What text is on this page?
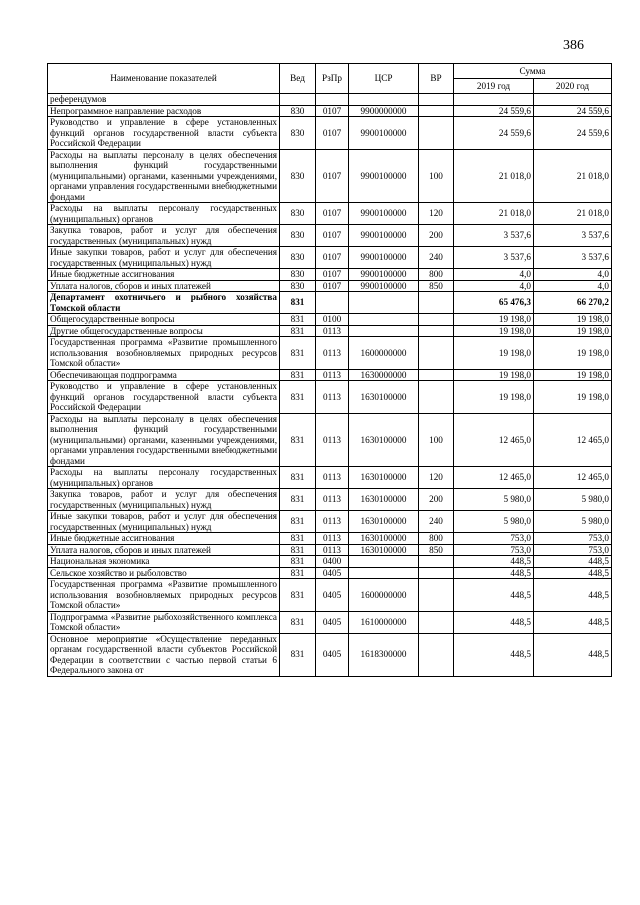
386
Наименование показателей	Вед	РзПр	ЦСР	ВР	Сумма	
					2019 год	2020 год
референдумов						
Непрограммное направление расходов	830	0107	9900000000		24 559,6	24 559,6
Руководство и управление в сфере установленных функций органов государственной власти субъекта Российской Федерации	830	0107	9900100000		24 559,6	24 559,6
Расходы на выплаты персоналу в целях обеспечения выполнения функций государственными (муниципальными) органами, казенными учреждениями, органами управления государственными внебюджетными фондами	830	0107	9900100000	100	21 018,0	21 018,0
Расходы на выплаты персоналу государственных (муниципальных) органов	830	0107	9900100000	120	21 018,0	21 018,0
Закупка товаров, работ и услуг для обеспечения государственных (муниципальных) нужд	830	0107	9900100000	200	3 537,6	3 537,6
Иные закупки товаров, работ и услуг для обеспечения государственных (муниципальных) нужд	830	0107	9900100000	240	3 537,6	3 537,6
Иные бюджетные ассигнования	830	0107	9900100000	800	4,0	4,0
Уплата налогов, сборов и иных платежей	830	0107	9900100000	850	4,0	4,0
Департамент охотничьего и рыбного хозяйства Томской области	831				65 476,3	66 270,2
Общегосударственные вопросы	831	0100			19 198,0	19 198,0
Другие общегосударственные вопросы	831	0113			19 198,0	19 198,0
Государственная программа «Развитие промышленного использования возобновляемых природных ресурсов Томской области»	831	0113	1600000000		19 198,0	19 198,0
Обеспечивающая подпрограмма	831	0113	1630000000		19 198,0	19 198,0
Руководство и управление в сфере установленных функций органов государственной власти субъекта Российской Федерации	831	0113	1630100000		19 198,0	19 198,0
Расходы на выплаты персоналу в целях обеспечения выполнения функций государственными (муниципальными) органами, казенными учреждениями, органами управления государственными внебюджетными фондами	831	0113	1630100000	100	12 465,0	12 465,0
Расходы на выплаты персоналу государственных (муниципальных) органов	831	0113	1630100000	120	12 465,0	12 465,0
Закупка товаров, работ и услуг для обеспечения государственных (муниципальных) нужд	831	0113	1630100000	200	5 980,0	5 980,0
Иные закупки товаров, работ и услуг для обеспечения государственных (муниципальных) нужд	831	0113	1630100000	240	5 980,0	5 980,0
Иные бюджетные ассигнования	831	0113	1630100000	800	753,0	753,0
Уплата налогов, сборов и иных платежей	831	0113	1630100000	850	753,0	753,0
Национальная экономика	831	0400			448,5	448,5
Сельское хозяйство и рыболовство	831	0405			448,5	448,5
Государственная программа «Развитие промышленного использования возобновляемых природных ресурсов Томской области»	831	0405	1600000000		448,5	448,5
Подпрограмма «Развитие рыбохозяйственного комплекса Томской области»	831	0405	1610000000		448,5	448,5
Основное мероприятие «Осуществление переданных органам государственной власти субъектов Российской Федерации в соответствии с частью первой статьи 6 Федерального закона от	831	0405	1618300000		448,5	448,5
